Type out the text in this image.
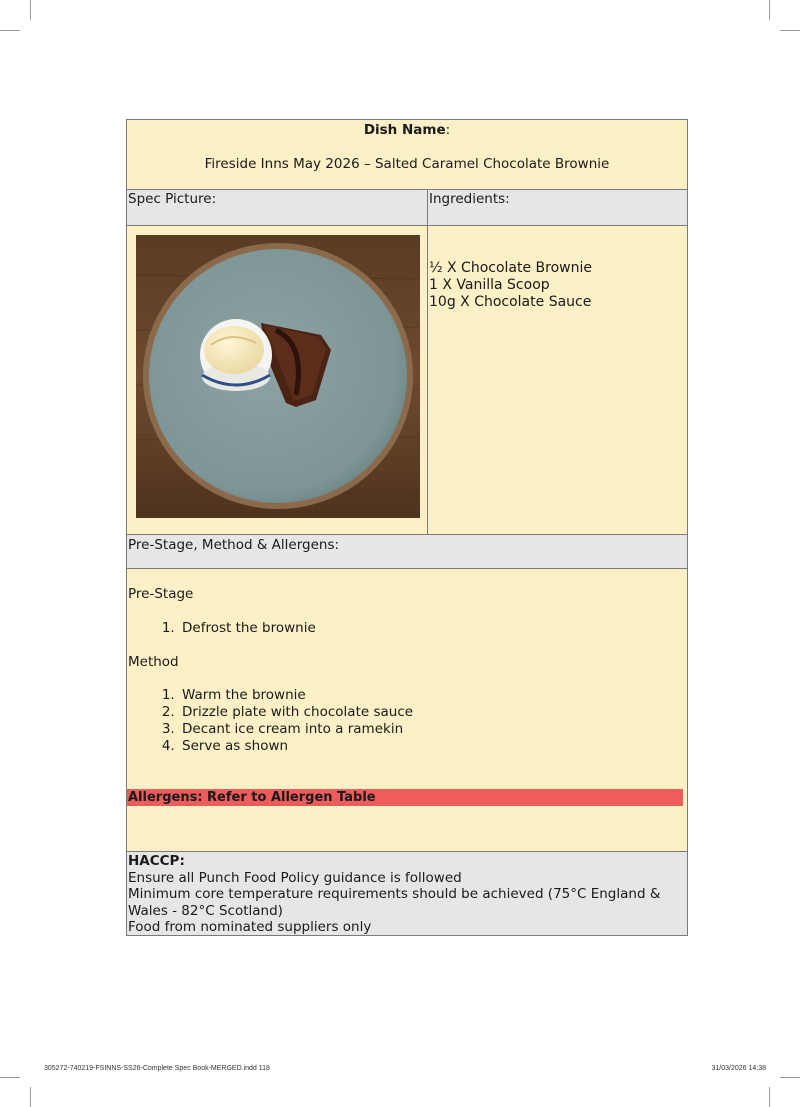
Dish Name:
Fireside Inns May 2026 – Salted Caramel Chocolate Brownie
Spec Picture:	Ingredients:
½ X Chocolate Brownie
1 X Vanilla Scoop
10g X Chocolate Sauce
Pre-Stage, Method & Allergens:
Pre-Stage
1. Defrost the brownie
Method
1. Warm the brownie
2. Drizzle plate with chocolate sauce
3. Decant ice cream into a ramekin
4. Serve as shown
Allergens: Refer to Allergen Table
HACCP:
Ensure all Punch Food Policy guidance is followed
Minimum core temperature requirements should be achieved (75°C England &
Wales - 82°C Scotland)
Food from nominated suppliers only
305272-740219-FSINNS-SS26-Complete Spec Book-MERGED.indd 118	31/03/2026 14:38
